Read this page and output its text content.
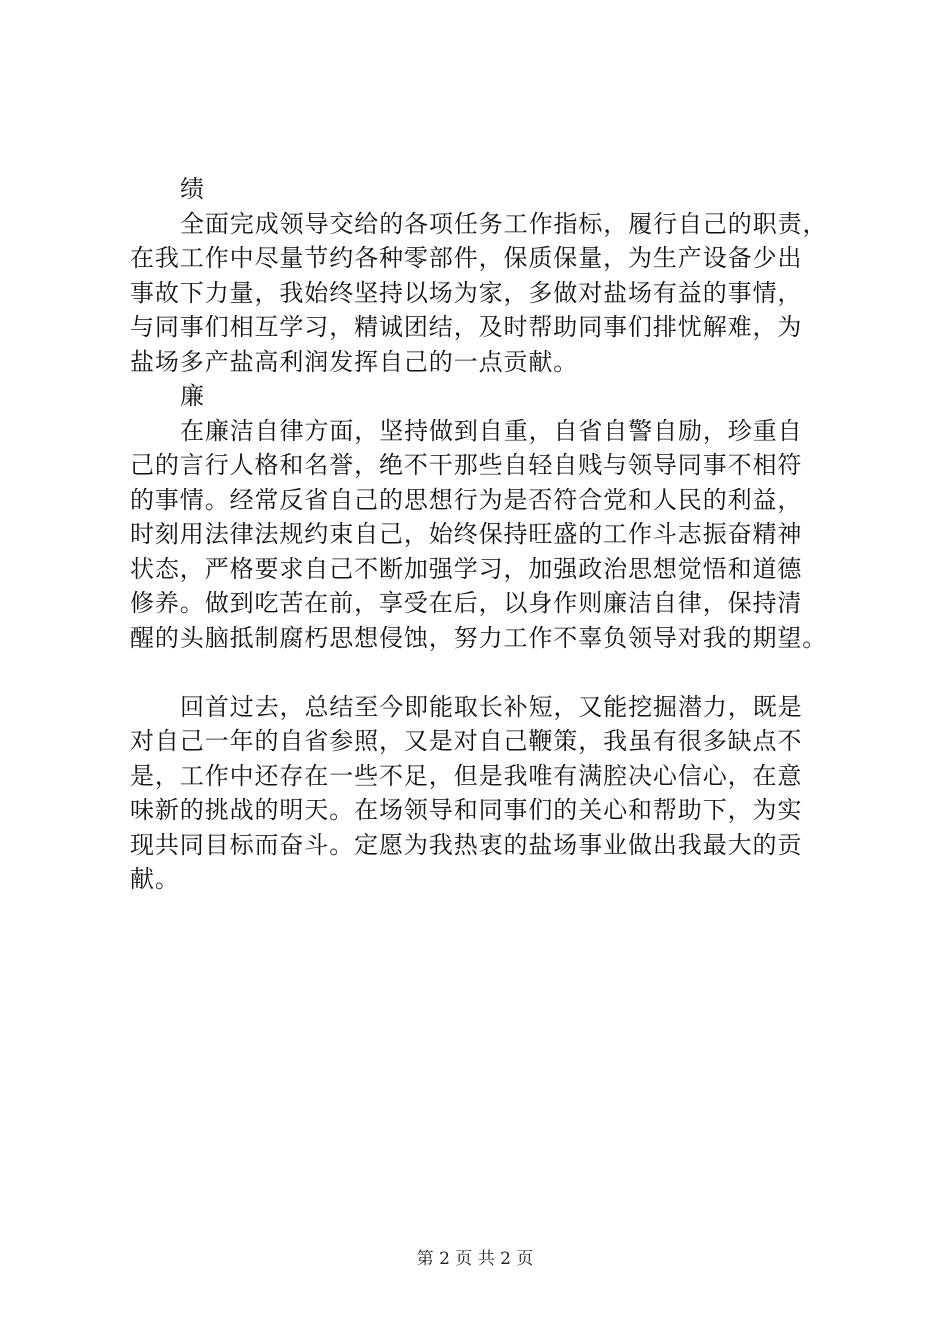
绩
全面完成领导交给的各项任务工作指标，履行自己的职责，
在我工作中尽量节约各种零部件，保质保量，为生产设备少出
事故下力量，我始终坚持以场为家，多做对盐场有益的事情，
与同事们相互学习，精诚团结，及时帮助同事们排忧解难，为
盐场多产盐高利润发挥自己的一点贡献。
廉
在廉洁自律方面，坚持做到自重，自省自警自励，珍重自
己的言行人格和名誉，绝不干那些自轻自贱与领导同事不相符
的事情。经常反省自己的思想行为是否符合党和人民的利益，
时刻用法律法规约束自己，始终保持旺盛的工作斗志振奋精神
状态，严格要求自己不断加强学习，加强政治思想觉悟和道德
修养。做到吃苦在前，享受在后，以身作则廉洁自律，保持清
醒的头脑抵制腐朽思想侵蚀，努力工作不辜负领导对我的期望。
回首过去，总结至今即能取长补短，又能挖掘潜力，既是
对自己一年的自省参照，又是对自己鞭策，我虽有很多缺点不
是，工作中还存在一些不足，但是我唯有满腔决心信心，在意
味新的挑战的明天。在场领导和同事们的关心和帮助下，为实
现共同目标而奋斗。定愿为我热衷的盐场事业做出我最大的贡
献。
第 2 页 共 2 页
